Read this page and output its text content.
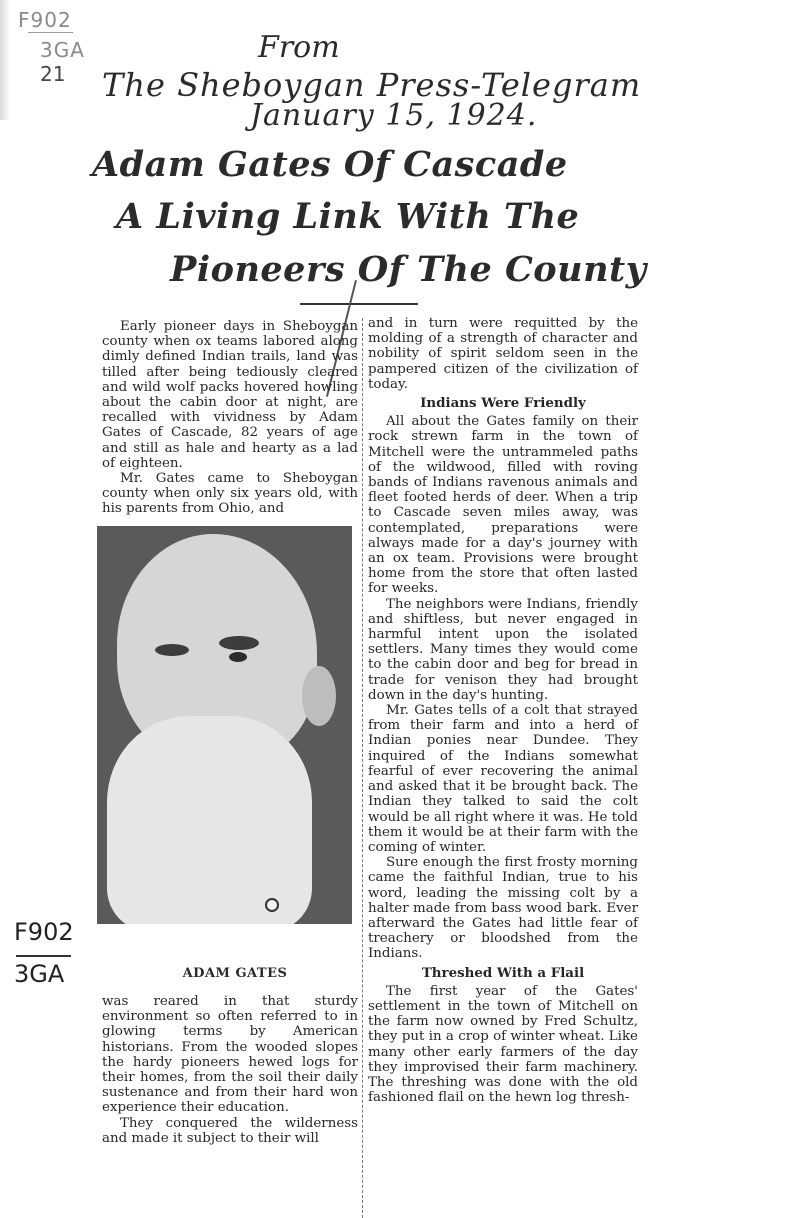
F902
3GA
21
From
The Sheboygan Press-Telegram
January 15, 1924.
Adam Gates Of Cascade
A Living Link With The
Pioneers Of The County

Early pioneer days in Sheboygan county when ox teams labored along dimly defined Indian trails, land was tilled after being tediously cleared and wild wolf packs hovered howling about the cabin door at night, are recalled with vividness by Adam Gates of Cascade, 82 years of age and still as hale and hearty as a lad of eighteen.

Mr. Gates came to Sheboygan county when only six years old, with his parents from Ohio, and

ADAM GATES
F902
3GA

was reared in that sturdy environment so often referred to in glowing terms by American historians. From the wooded slopes the hardy pioneers hewed logs for their homes, from the soil their daily sustenance and from their hard won experience their education.

They conquered the wilderness and made it subject to their will

and in turn were requitted by the molding of a strength of character and nobility of spirit seldom seen in the pampered citizen of the civilization of today.

Indians Were Friendly

All about the Gates family on their rock strewn farm in the town of Mitchell were the untrammeled paths of the wildwood, filled with roving bands of Indians ravenous animals and fleet footed herds of deer. When a trip to Cascade seven miles away, was contemplated, preparations were always made for a day's journey with an ox team. Provisions were brought home from the store that often lasted for weeks.

The neighbors were Indians, friendly and shiftless, but never engaged in harmful intent upon the isolated settlers. Many times they would come to the cabin door and beg for bread in trade for venison they had brought down in the day's hunting.

Mr. Gates tells of a colt that strayed from their farm and into a herd of Indian ponies near Dundee. They inquired of the Indians somewhat fearful of ever recovering the animal and asked that it be brought back. The Indian they talked to said the colt would be all right where it was. He told them it would be at their farm with the coming of winter.

Sure enough the first frosty morning came the faithful Indian, true to his word, leading the missing colt by a halter made from bass wood bark. Ever afterward the Gates had little fear of treachery or bloodshed from the Indians.

Threshed With a Flail

The first year of the Gates' settlement in the town of Mitchell on the farm now owned by Fred Schultz, they put in a crop of winter wheat. Like many other early farmers of the day they improvised their farm machinery. The threshing was done with the old fashioned flail on the hewn log thresh-
